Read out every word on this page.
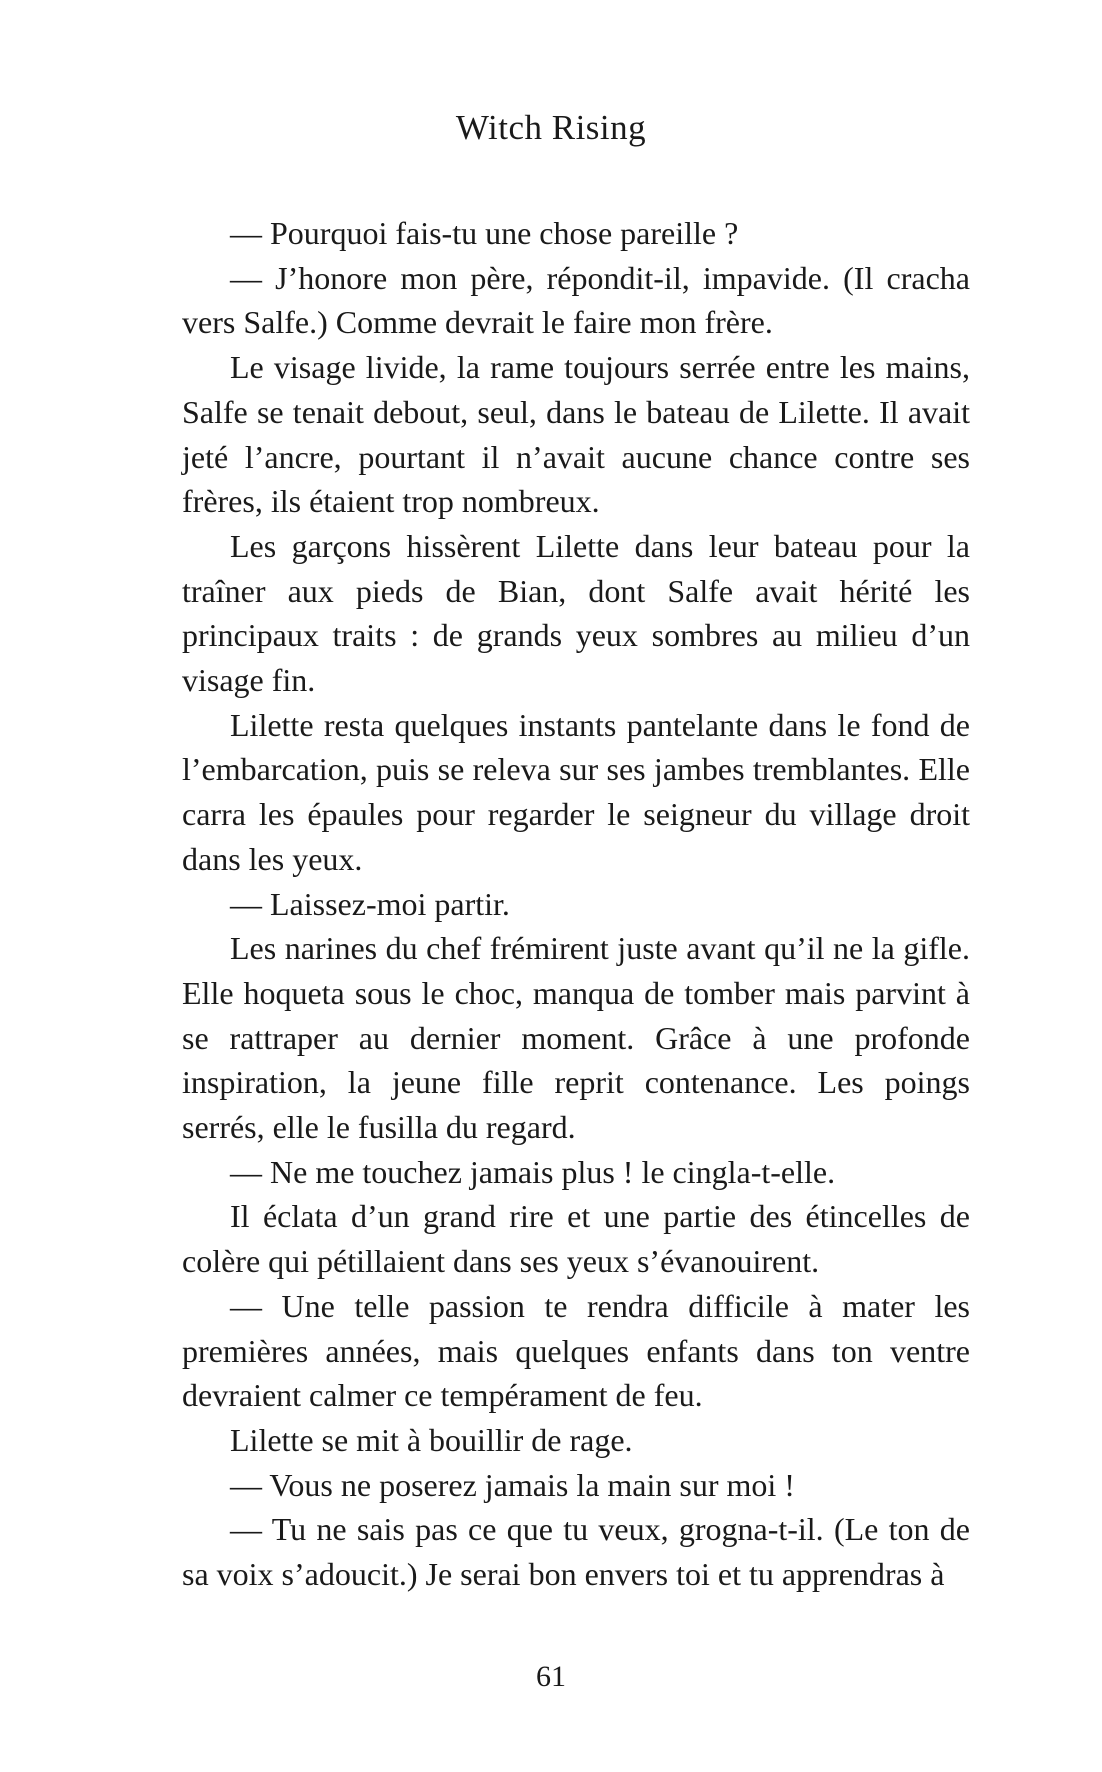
Witch Rising

— Pourquoi fais-tu une chose pareille ?

— J’honore mon père, répondit-il, impavide. (Il cracha vers Salfe.) Comme devrait le faire mon frère.

Le visage livide, la rame toujours serrée entre les mains, Salfe se tenait debout, seul, dans le bateau de Lilette. Il avait jeté l’ancre, pourtant il n’avait aucune chance contre ses frères, ils étaient trop nombreux.

Les garçons hissèrent Lilette dans leur bateau pour la traîner aux pieds de Bian, dont Salfe avait hérité les principaux traits : de grands yeux sombres au milieu d’un visage fin.

Lilette resta quelques instants pantelante dans le fond de l’embarcation, puis se releva sur ses jambes tremblantes. Elle carra les épaules pour regarder le seigneur du village droit dans les yeux.

— Laissez-moi partir.

Les narines du chef frémirent juste avant qu’il ne la gifle. Elle hoqueta sous le choc, manqua de tomber mais parvint à se rattraper au dernier moment. Grâce à une profonde inspiration, la jeune fille reprit contenance. Les poings serrés, elle le fusilla du regard.

— Ne me touchez jamais plus ! le cingla-t-elle.

Il éclata d’un grand rire et une partie des étincelles de colère qui pétillaient dans ses yeux s’évanouirent.

— Une telle passion te rendra difficile à mater les premières années, mais quelques enfants dans ton ventre devraient calmer ce tempérament de feu.

Lilette se mit à bouillir de rage.

— Vous ne poserez jamais la main sur moi !

— Tu ne sais pas ce que tu veux, grogna-t-il. (Le ton de sa voix s’adoucit.) Je serai bon envers toi et tu apprendras à

61
